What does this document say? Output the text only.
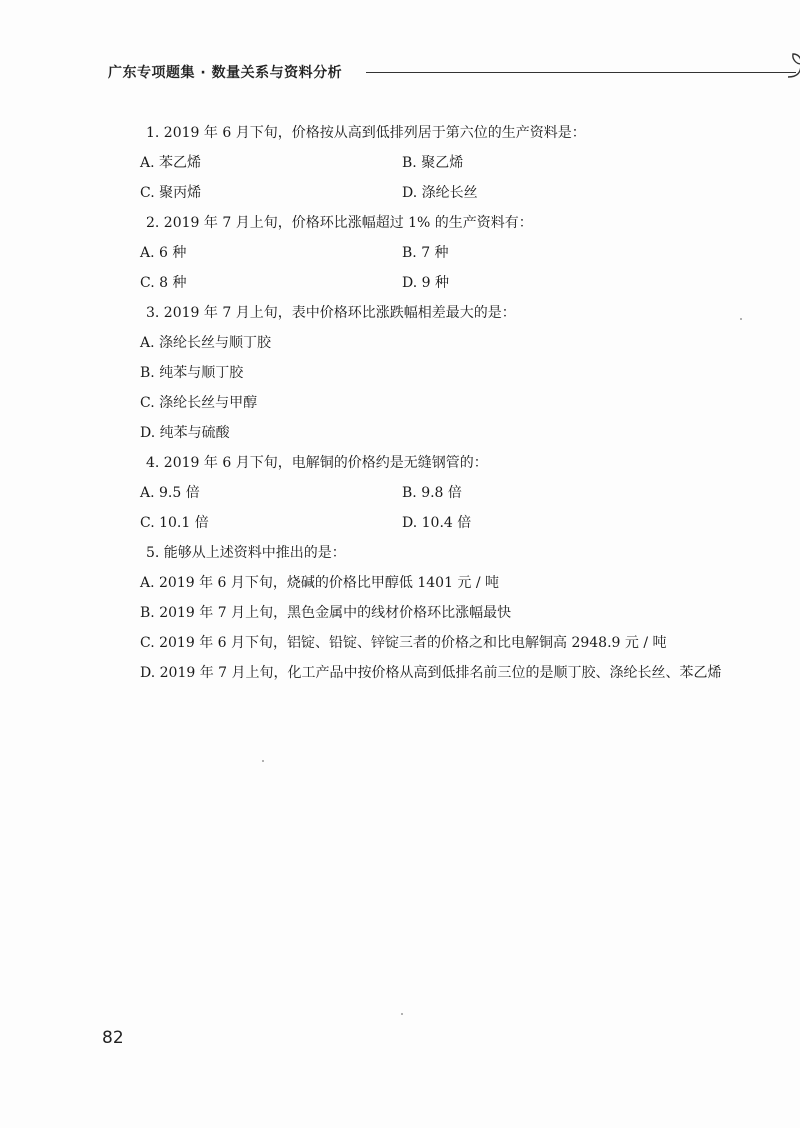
广东专项题集 · 数量关系与资料分析
1. 2019 年 6 月下旬，价格按从高到低排列居于第六位的生产资料是：
A. 苯乙烯	B. 聚乙烯
C. 聚丙烯	D. 涤纶长丝
2. 2019 年 7 月上旬，价格环比涨幅超过 1% 的生产资料有：
A. 6 种	B. 7 种
C. 8 种	D. 9 种
3. 2019 年 7 月上旬，表中价格环比涨跌幅相差最大的是：
A. 涤纶长丝与顺丁胶
B. 纯苯与顺丁胶
C. 涤纶长丝与甲醇
D. 纯苯与硫酸
4. 2019 年 6 月下旬，电解铜的价格约是无缝钢管的：
A. 9.5 倍	B. 9.8 倍
C. 10.1 倍	D. 10.4 倍
5. 能够从上述资料中推出的是：
A. 2019 年 6 月下旬，烧碱的价格比甲醇低 1401 元 / 吨
B. 2019 年 7 月上旬，黑色金属中的线材价格环比涨幅最快
C. 2019 年 6 月下旬，铝锭、铅锭、锌锭三者的价格之和比电解铜高 2948.9 元 / 吨
D. 2019 年 7 月上旬，化工产品中按价格从高到低排名前三位的是顺丁胶、涤纶长丝、苯乙烯
82
